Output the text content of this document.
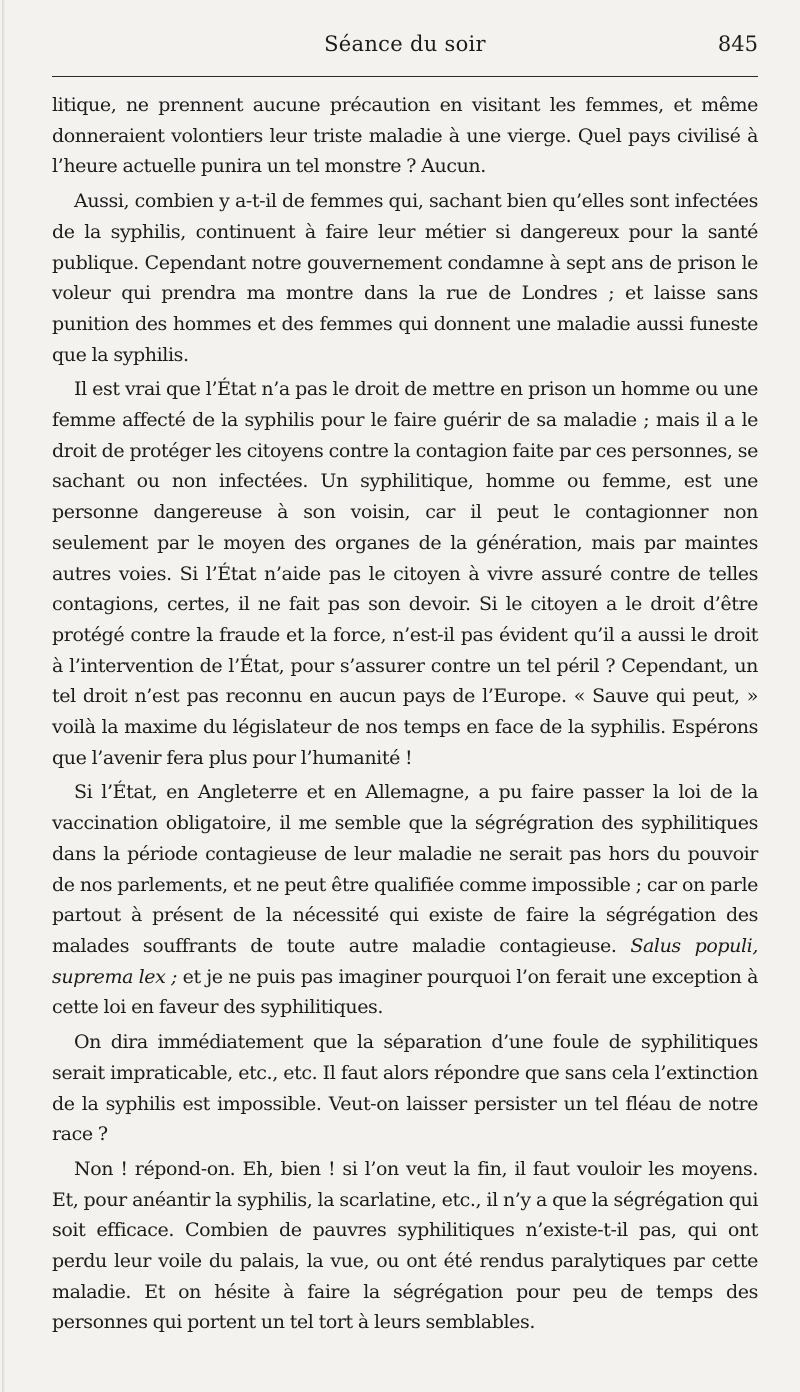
Séance du soir	845

litique, ne prennent aucune précaution en visitant les femmes, et même donneraient volontiers leur triste maladie à une vierge. Quel pays civilisé à l’heure actuelle punira un tel monstre ? Aucun.

Aussi, combien y a-t-il de femmes qui, sachant bien qu’elles sont infectées de la syphilis, continuent à faire leur métier si dangereux pour la santé publique. Cependant notre gouvernement condamne à sept ans de prison le voleur qui prendra ma montre dans la rue de Londres ; et laisse sans punition des hommes et des femmes qui donnent une maladie aussi funeste que la syphilis.

Il est vrai que l’État n’a pas le droit de mettre en prison un homme ou une femme affecté de la syphilis pour le faire guérir de sa maladie ; mais il a le droit de protéger les citoyens contre la contagion faite par ces personnes, se sachant ou non infectées. Un syphilitique, homme ou femme, est une personne dangereuse à son voisin, car il peut le contagionner non seulement par le moyen des organes de la génération, mais par maintes autres voies. Si l’État n’aide pas le citoyen à vivre assuré contre de telles contagions, certes, il ne fait pas son devoir. Si le citoyen a le droit d’être protégé contre la fraude et la force, n’est-il pas évident qu’il a aussi le droit à l’intervention de l’État, pour s’assurer contre un tel péril ? Cependant, un tel droit n’est pas reconnu en aucun pays de l’Europe. « Sauve qui peut, » voilà la maxime du législateur de nos temps en face de la syphilis. Espérons que l’avenir fera plus pour l’humanité !

Si l’État, en Angleterre et en Allemagne, a pu faire passer la loi de la vaccination obligatoire, il me semble que la ségrégration des syphilitiques dans la période contagieuse de leur maladie ne serait pas hors du pouvoir de nos parlements, et ne peut être qualifiée comme impossible ; car on parle partout à présent de la nécessité qui existe de faire la ségrégation des malades souffrants de toute autre maladie contagieuse. Salus populi, suprema lex ; et je ne puis pas imaginer pourquoi l’on ferait une exception à cette loi en faveur des syphilitiques.

On dira immédiatement que la séparation d’une foule de syphilitiques serait impraticable, etc., etc. Il faut alors répondre que sans cela l’extinction de la syphilis est impossible. Veut-on laisser persister un tel fléau de notre race ?

Non ! répond-on. Eh, bien ! si l’on veut la fin, il faut vouloir les moyens. Et, pour anéantir la syphilis, la scarlatine, etc., il n’y a que la ségrégation qui soit efficace. Combien de pauvres syphilitiques n’existe-t-il pas, qui ont perdu leur voile du palais, la vue, ou ont été rendus paralytiques par cette maladie. Et on hésite à faire la ségrégation pour peu de temps des personnes qui portent un tel tort à leurs semblables.
